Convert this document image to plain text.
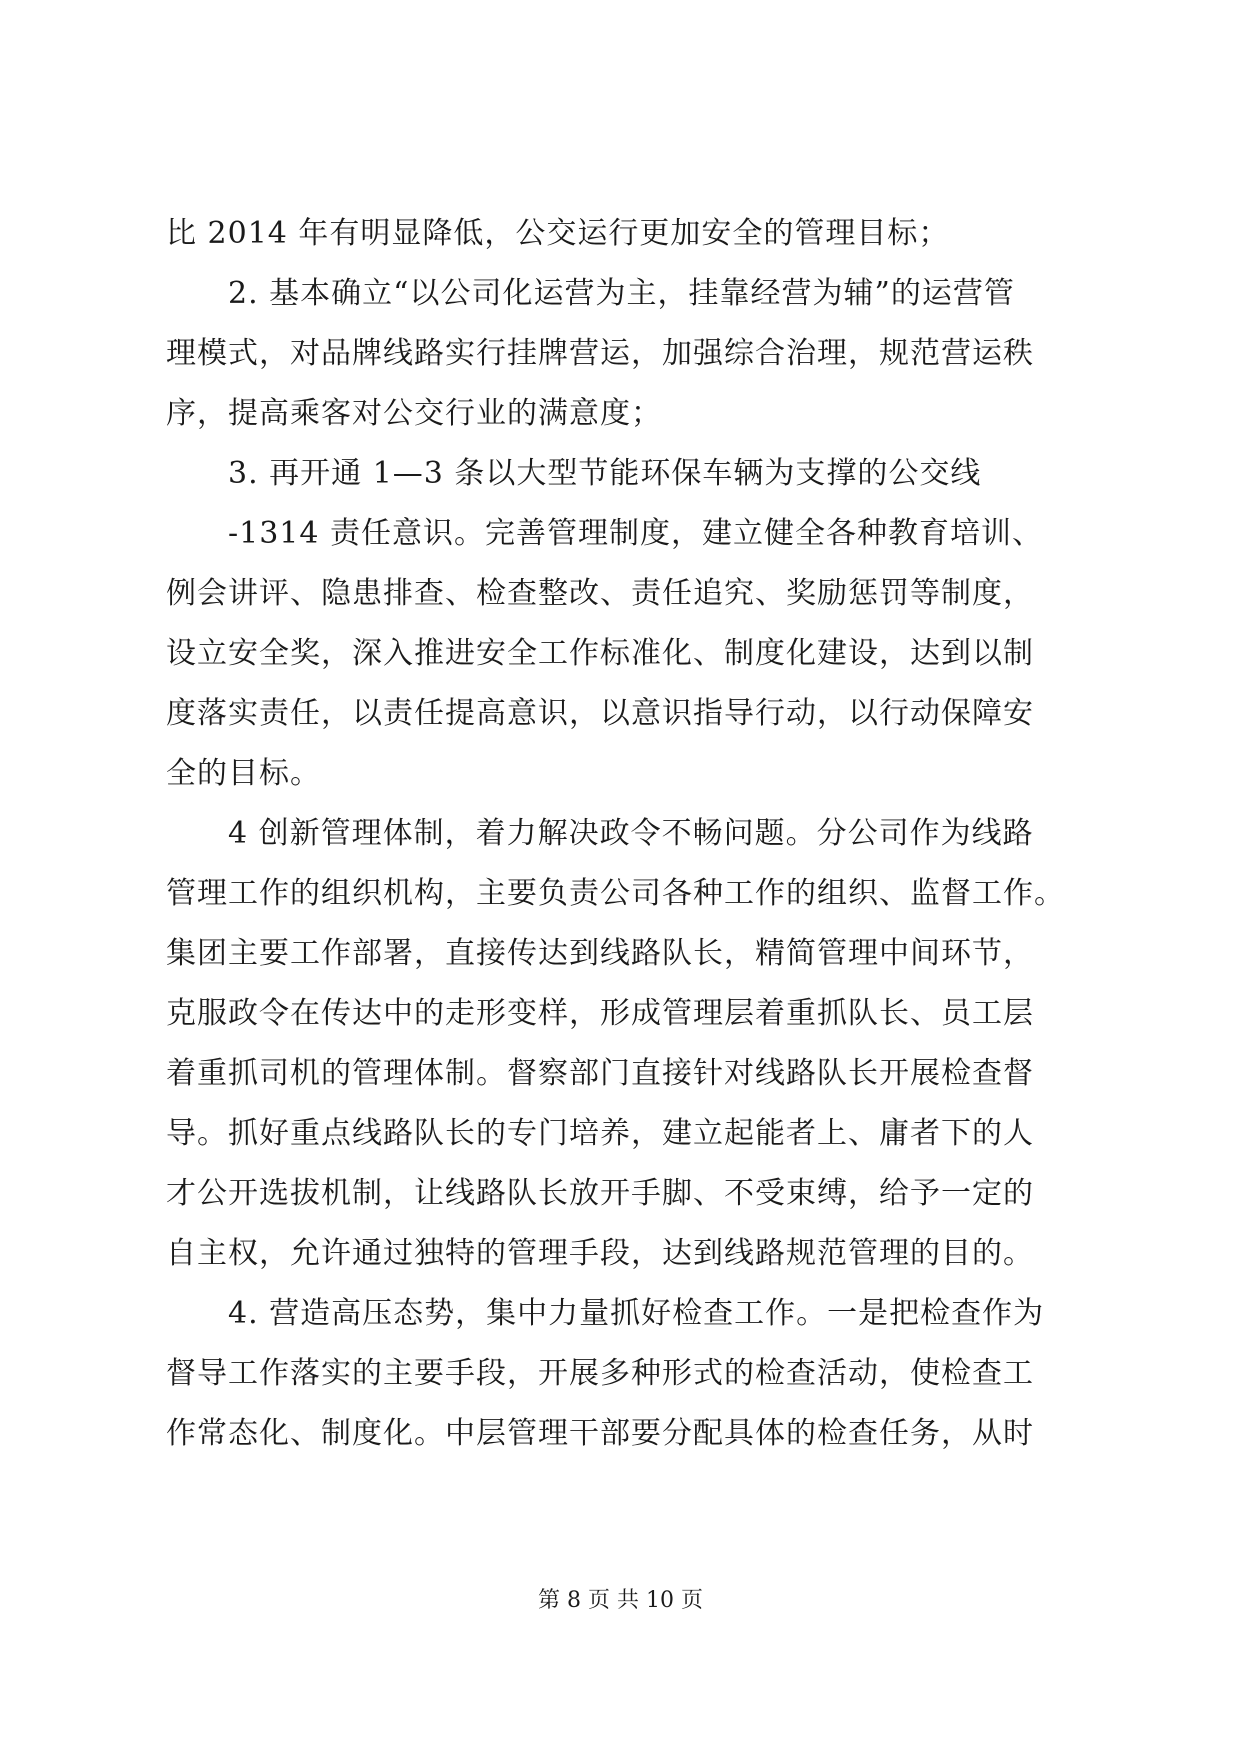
比 2014 年有明显降低，公交运行更加安全的管理目标；
　　2. 基本确立“以公司化运营为主，挂靠经营为辅”的运营管
理模式，对品牌线路实行挂牌营运，加强综合治理，规范营运秩
序，提高乘客对公交行业的满意度；
　　3. 再开通 1—3 条以大型节能环保车辆为支撑的公交线
　　-1314 责任意识。完善管理制度，建立健全各种教育培训、
例会讲评、隐患排查、检查整改、责任追究、奖励惩罚等制度，
设立安全奖，深入推进安全工作标准化、制度化建设，达到以制
度落实责任，以责任提高意识，以意识指导行动，以行动保障安
全的目标。
　　4 创新管理体制，着力解决政令不畅问题。分公司作为线路
管理工作的组织机构，主要负责公司各种工作的组织、监督工作。
集团主要工作部署，直接传达到线路队长，精简管理中间环节，
克服政令在传达中的走形变样，形成管理层着重抓队长、员工层
着重抓司机的管理体制。督察部门直接针对线路队长开展检查督
导。抓好重点线路队长的专门培养，建立起能者上、庸者下的人
才公开选拔机制，让线路队长放开手脚、不受束缚，给予一定的
自主权，允许通过独特的管理手段，达到线路规范管理的目的。
　　4. 营造高压态势，集中力量抓好检查工作。一是把检查作为
督导工作落实的主要手段，开展多种形式的检查活动，使检查工
作常态化、制度化。中层管理干部要分配具体的检查任务，从时
第 8 页 共 10 页
